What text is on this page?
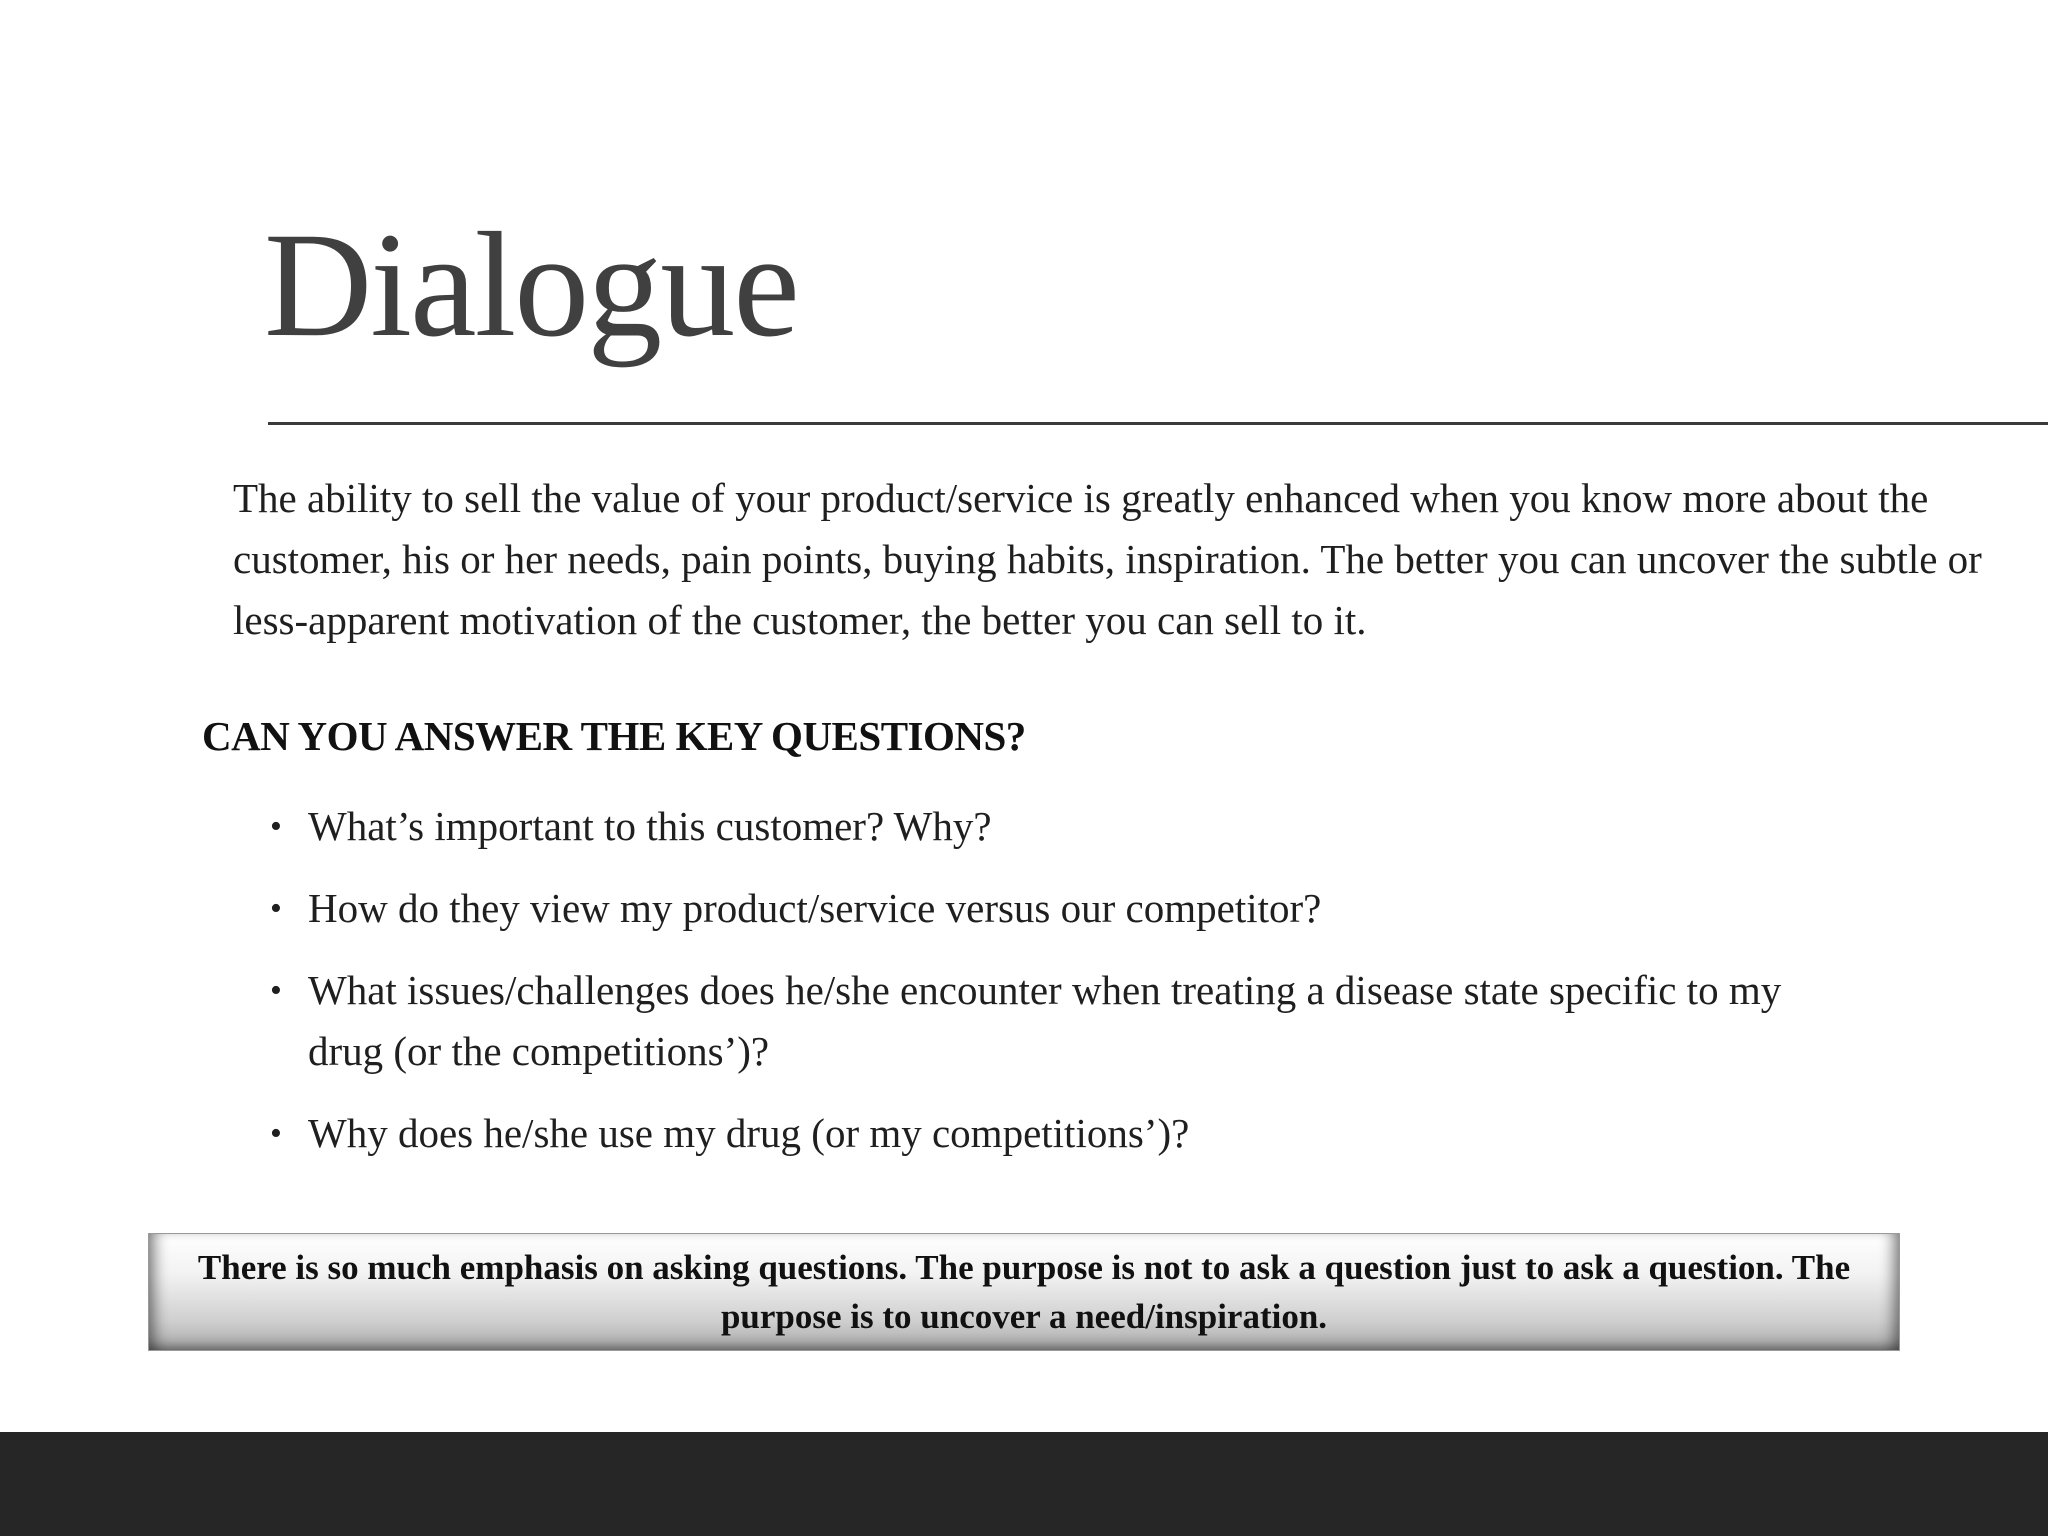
Dialogue

The ability to sell the value of your product/service is greatly enhanced when you know more about the customer, his or her needs, pain points, buying habits, inspiration. The better you can uncover the subtle or less-apparent motivation of the customer, the better you can sell to it.

CAN YOU ANSWER THE KEY QUESTIONS?
• What’s important to this customer? Why?
• How do they view my product/service versus our competitor?
• What issues/challenges does he/she encounter when treating a disease state specific to my drug (or the competitions’)?
• Why does he/she use my drug (or my competitions’)?

There is so much emphasis on asking questions. The purpose is not to ask a question just to ask a question. The purpose is to uncover a need/inspiration.
